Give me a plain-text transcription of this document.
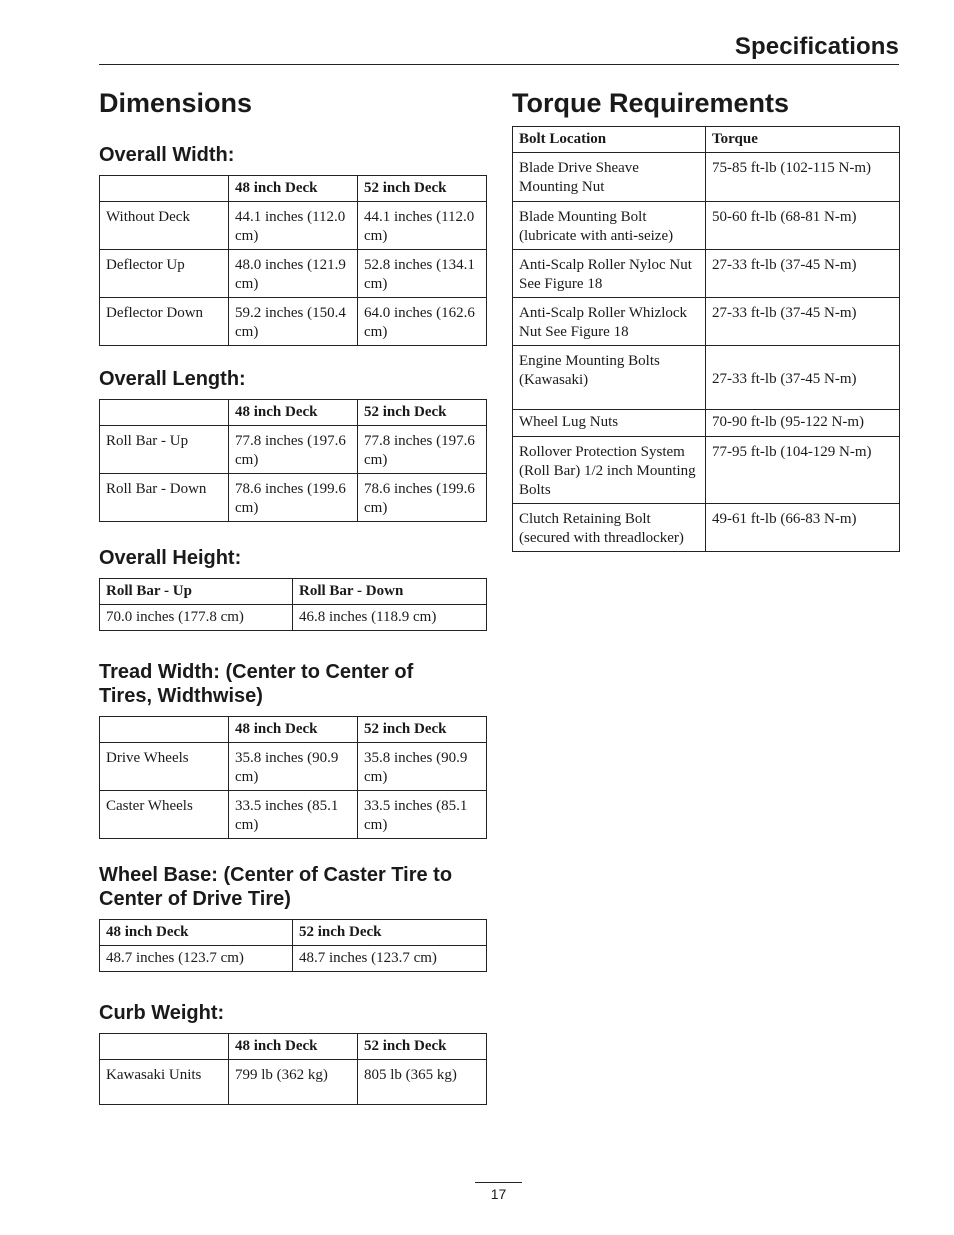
Specifications
Dimensions
Overall Width:
	48 inch Deck	52 inch Deck
Without Deck	44.1 inches (112.0 cm)	44.1 inches (112.0 cm)
Deflector Up	48.0 inches (121.9 cm)	52.8 inches (134.1 cm)
Deflector Down	59.2 inches (150.4 cm)	64.0 inches (162.6 cm)
Overall Length:
	48 inch Deck	52 inch Deck
Roll Bar - Up	77.8 inches (197.6 cm)	77.8 inches (197.6 cm)
Roll Bar - Down	78.6 inches (199.6 cm)	78.6 inches (199.6 cm)
Overall Height:
Roll Bar - Up	Roll Bar - Down
70.0 inches (177.8 cm)	46.8 inches (118.9 cm)
Tread Width: (Center to Center of
Tires, Widthwise)
	48 inch Deck	52 inch Deck
Drive Wheels	35.8 inches (90.9 cm)	35.8 inches (90.9 cm)
Caster Wheels	33.5 inches (85.1 cm)	33.5 inches (85.1 cm)
Wheel Base: (Center of Caster Tire to
Center of Drive Tire)
48 inch Deck	52 inch Deck
48.7 inches (123.7 cm)	48.7 inches (123.7 cm)
Curb Weight:
	48 inch Deck	52 inch Deck
Kawasaki Units	799 lb (362 kg)	805 lb (365 kg)
Torque Requirements
Bolt Location	Torque
Blade Drive Sheave Mounting Nut	75-85 ft-lb (102-115 N-m)
Blade Mounting Bolt (lubricate with anti-seize)	50-60 ft-lb (68-81 N-m)
Anti-Scalp Roller Nyloc Nut See Figure 18	27-33 ft-lb (37-45 N-m)
Anti-Scalp Roller Whizlock Nut See Figure 18	27-33 ft-lb (37-45 N-m)
Engine Mounting Bolts (Kawasaki)	27-33 ft-lb (37-45 N-m)
Wheel Lug Nuts	70-90 ft-lb (95-122 N-m)
Rollover Protection System (Roll Bar) 1/2 inch Mounting Bolts	77-95 ft-lb (104-129 N-m)
Clutch Retaining Bolt (secured with threadlocker)	49-61 ft-lb (66-83 N-m)
17
